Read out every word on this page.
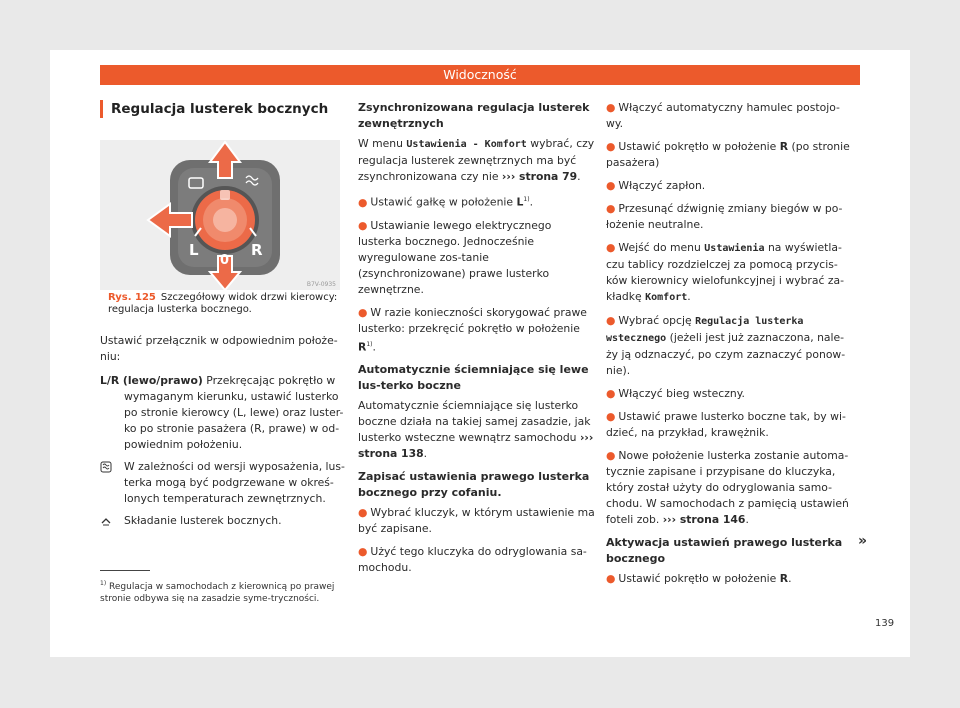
Widoczność
Regulacja lusterek bocznych
L
0
R
B7V-0935
Rys. 125 Szczegółowy widok drzwi kierowcy: regulacja lusterka bocznego.

Ustawić przełącznik w odpowiednim położe-niu:

L/R (lewo/prawo) Przekręcając pokrętło w wymaganym kierunku, ustawić lusterko po stronie kierowcy (L, lewe) oraz luster-ko po stronie pasażera (R, prawe) w od-powiednim położeniu.

W zależności od wersji wyposażenia, lus-terka mogą być podgrzewane w okreś-lonych temperaturach zewnętrznych.
Składanie lusterek bocznych.
$^{1)}$ Regulacja w samochodach z kierownicą po prawej stronie odbywa się na zasadzie syme-tryczności.
Zsynchronizowana regulacja lusterek zewnętrznych

W menu Ustawienia - Komfort wybrać, czy regulacja lusterek zewnętrznych ma być zsynchronizowana czy nie ››› strona 79.

● Ustawić gałkę w położenie $L^{1)}$.

● Ustawianie lewego elektrycznego lusterka bocznego. Jednocześnie wyregulowane zos-tanie (zsynchronizowane) prawe lusterko zewnętrzne.

● W razie konieczności skorygować prawe lusterko: przekręcić pokrętło w położenie $R^{1)}$.

Automatycznie ściemniające się lewe lus-terko boczne

Automatycznie ściemniające się lusterko boczne działa na takiej samej zasadzie, jak lusterko wsteczne wewnątrz samochodu ››› strona 138.

Zapisać ustawienia prawego lusterka bocznego przy cofaniu.

● Wybrać kluczyk, w którym ustawienie ma być zapisane.

● Użyć tego kluczyka do odryglowania sa-mochodu.

● Włączyć automatyczny hamulec postojo-wy.

● Ustawić pokrętło w położenie R (po stronie pasażera)

● Włączyć zapłon.

● Przesunąć dźwignię zmiany biegów w po-łożenie neutralne.

● Wejść do menu Ustawienia na wyświetla-czu tablicy rozdzielczej za pomocą przycis-ków kierownicy wielofunkcyjnej i wybrać za-kładkę Komfort.

● Wybrać opcję Regulacja lusterka wstecznego (jeżeli jest już zaznaczona, nale-ży ją odznaczyć, po czym zaznaczyć ponow-nie).

● Włączyć bieg wsteczny.

● Ustawić prawe lusterko boczne tak, by wi-dzieć, na przykład, krawężnik.

● Nowe położenie lusterka zostanie automa-tycznie zapisane i przypisane do kluczyka, który został użyty do odryglowania samo-chodu. W samochodach z pamięcią ustawień foteli zob. ››› strona 146.

Aktywacja ustawień prawego lusterka bocznego

● Ustawić pokrętło w położenie R.

»
139
